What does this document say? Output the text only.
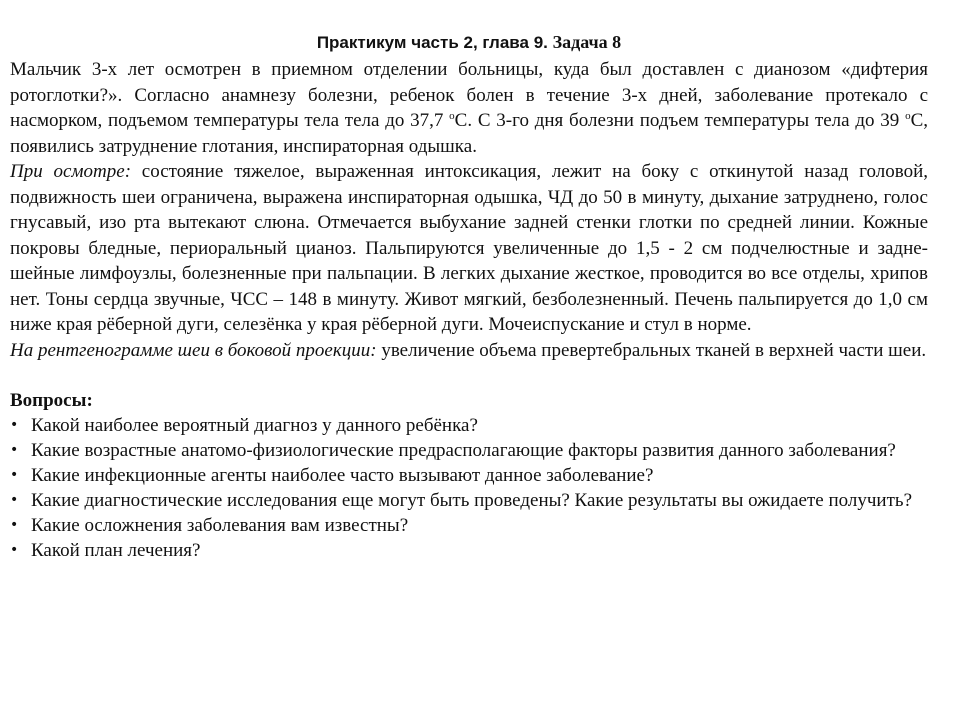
Практикум часть 2, глава 9. Задача 8

Мальчик 3-х лет осмотрен в приемном отделении больницы, куда был доставлен с дианозом «дифтерия ротоглотки?». Согласно анамнезу болезни, ребенок болен в течение 3-х дней, заболевание протекало с насморком, подъемом температуры тела тела до 37,7 $^о$С. С 3-го дня болезни подъем температуры тела до 39 $^о$С, появились затруднение глотания, инспираторная одышка.

При осмотре: состояние тяжелое, выраженная интоксикация, лежит на боку с откинутой назад головой, подвижность шеи ограничена, выражена инспираторная одышка, ЧД до 50 в минуту, дыхание затруднено, голос гнусавый, изо рта вытекают слюна. Отмечается выбухание задней стенки глотки по средней линии. Кожные покровы бледные, периоральный цианоз. Пальпируются увеличенные до 1,5 - 2 см подчелюстные и задне-шейные лимфоузлы, болезненные при пальпации. В легких дыхание жесткое, проводится во все отделы, хрипов нет. Тоны сердца звучные, ЧСС – 148 в минуту. Живот мягкий, безболезненный. Печень пальпируется до 1,0 см ниже края рёберной дуги, селезёнка у края рёберной дуги. Мочеиспускание и стул в норме.

На рентгенограмме шеи в боковой проекции: увеличение объема превертебральных тканей в верхней части шеи.

Вопросы:
• Какой наиболее вероятный диагноз у данного ребёнка?
• Какие возрастные анатомо-физиологические предрасполагающие факторы развития данного заболевания?
• Какие инфекционные агенты наиболее часто вызывают данное заболевание?
• Какие диагностические исследования еще могут быть проведены? Какие результаты вы ожидаете получить?
• Какие осложнения заболевания вам известны?
• Какой план лечения?
